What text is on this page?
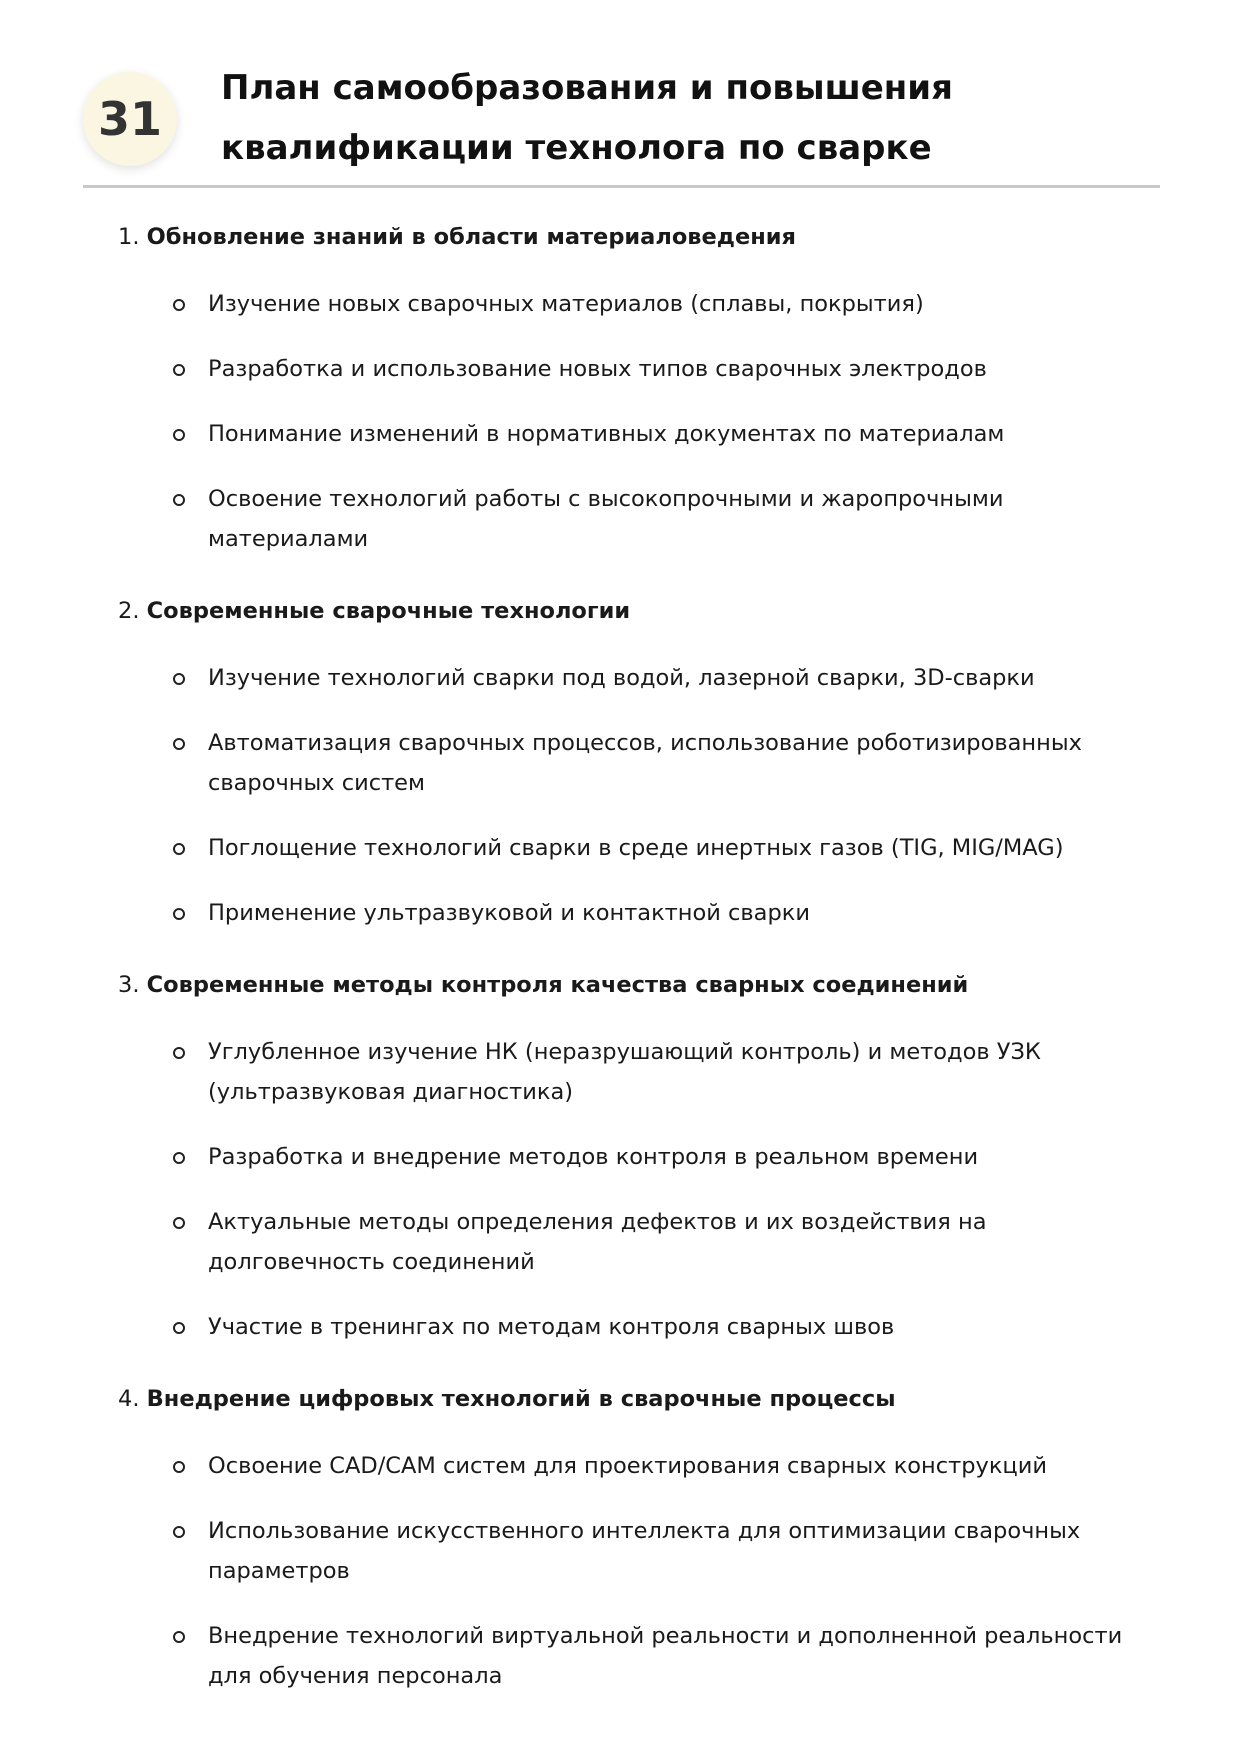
31
План самообразования и повышения квалификации технолога по сварке

1. Обновление знаний в области материаловедения

Изучение новых сварочных материалов (сплавы, покрытия)
Разработка и использование новых типов сварочных электродов
Понимание изменений в нормативных документах по материалам
Освоение технологий работы с высокопрочными и жаропрочными материалами

2. Современные сварочные технологии

Изучение технологий сварки под водой, лазерной сварки, 3D-сварки
Автоматизация сварочных процессов, использование роботизированных сварочных систем
Поглощение технологий сварки в среде инертных газов (TIG, MIG/MAG)
Применение ультразвуковой и контактной сварки

3. Современные методы контроля качества сварных соединений

Углубленное изучение НК (неразрушающий контроль) и методов УЗК (ультразвуковая диагностика)
Разработка и внедрение методов контроля в реальном времени
Актуальные методы определения дефектов и их воздействия на долговечность соединений
Участие в тренингах по методам контроля сварных швов

4. Внедрение цифровых технологий в сварочные процессы

Освоение CAD/CAM систем для проектирования сварных конструкций
Использование искусственного интеллекта для оптимизации сварочных параметров
Внедрение технологий виртуальной реальности и дополненной реальности для обучения персонала
